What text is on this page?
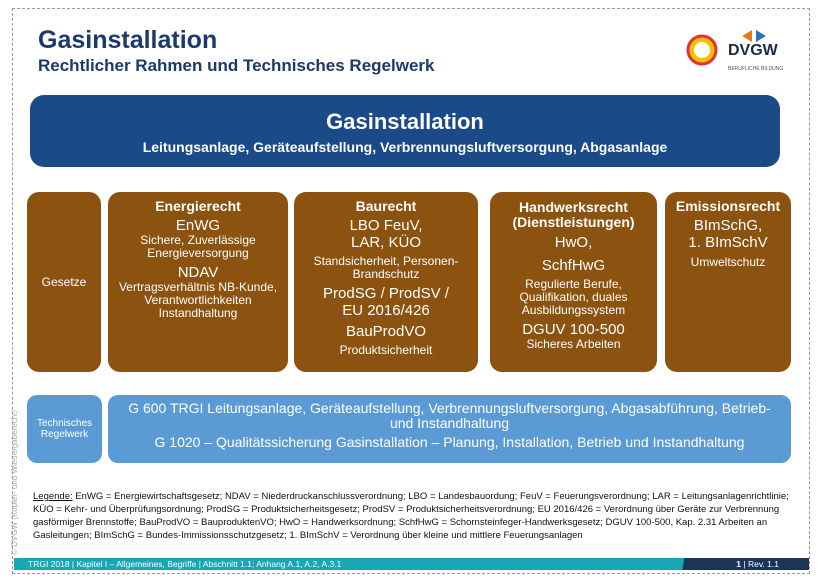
Gasinstallation
Rechtlicher Rahmen und Technisches Regelwerk
DVGW
BERUFLICHE BILDUNG
Gasinstallation
Leitungsanlage, Geräteaufstellung, Verbrennungsluftversorgung, Abgasanlage
Gesetze
Energierecht
EnWG
Sichere, Zuverlässige Energieversorgung
NDAV
Vertragsverhältnis NB-Kunde, Verantwortlichkeiten Instandhaltung
Baurecht
LBO FeuV, LAR, KÜO
Standsicherheit, Personen-Brandschutz
ProdSG / ProdSV / EU 2016/426
BauProdVO
Produktsicherheit
Handwerksrecht (Dienstleistungen)
HwO,
SchfHwG
Regulierte Berufe, Qualifikation, duales Ausbildungssystem
DGUV 100-500
Sicheres Arbeiten
Emissionsrecht
BImSchG, 1. BImSchV
Umweltschutz
Technisches Regelwerk
G 600 TRGI Leitungsanlage, Geräteaufstellung, Verbrennungsluftversorgung, Abgasabführung, Betrieb- und Instandhaltung
G 1020 – Qualitätssicherung Gasinstallation – Planung, Installation, Betrieb und Instandhaltung
Legende: EnWG = Energiewirtschaftsgesetz; NDAV = Niederdruckanschlussverordnung; LBO = Landesbauordung; FeuV = Feuerungsverordnung; LAR = Leitungsanlagenrichtlinie; KÜO = Kehr- und Überprüfungsordnung; ProdSG = Produktsicherheitsgesetz; ProdSV = Produktsicherheitsverordnung; EU 2016/426 = Verordnung über Geräte zur Verbrennung gasförmiger Brennstoffe; BauProdVO = BauproduktenVO; HwO = Handwerksordnung; SchfHwG = Schornsteinfeger-Handwerksgesetz; DGUV 100-500, Kap. 2.31 Arbeiten an Gasleitungen; BImSchG = Bundes-Immissionsschutzgesetz; 1. BImSchV = Verordnung über kleine und mittlere Feuerungsanlagen
© DVGW (Kopier- und Wiedergaberecht)
TRGI 2018 | Kapitel I – Allgemeines, Begriffe | Abschnitt 1.1; Anhang A.1, A.2, A.3.1	1 | Rev. 1.1
